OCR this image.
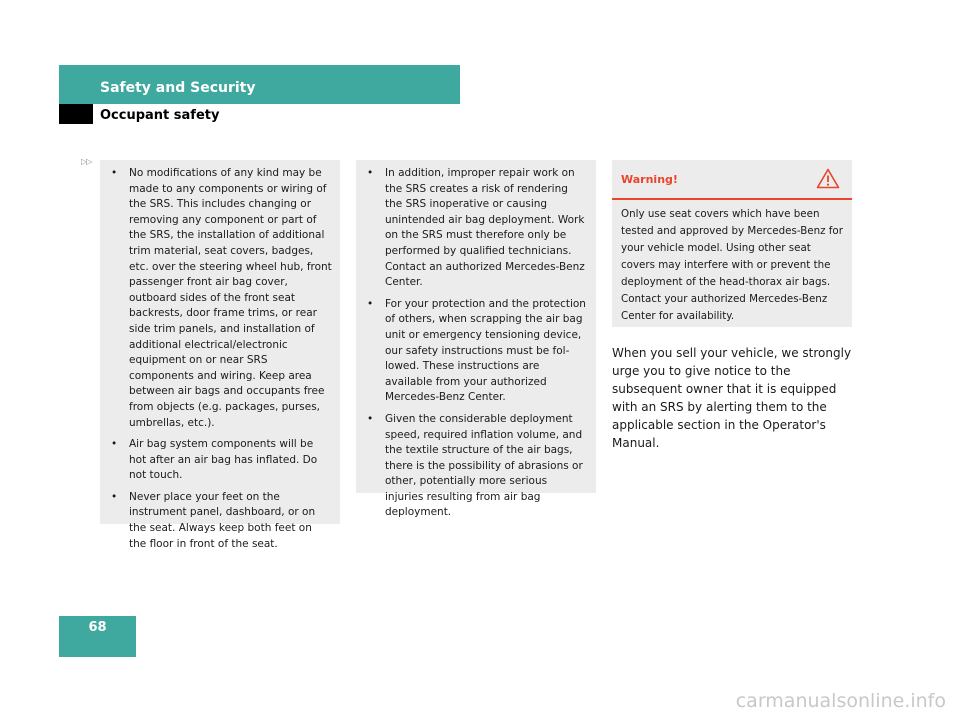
Safety and Security
Occupant safety
▷▷
• No modifications of any kind may be made to any components or wiring of the SRS. This includes changing or removing any component or part of the SRS, the installation of additional trim material, seat covers, badges, etc. over the steering wheel hub, front passenger front air bag cover, outboard sides of the front seat backrests, door frame trims, or rear side trim panels, and installation of additional electrical/electronic equipment on or near SRS components and wiring. Keep area between air bags and occupants free from objects (e.g. packages, purses, umbrellas, etc.).
• Air bag system components will be hot after an air bag has inflated. Do not touch.
• Never place your feet on the instrument panel, dashboard, or on the seat. Always keep both feet on the floor in front of the seat.
• In addition, improper repair work on the SRS creates a risk of rendering the SRS inoperative or causing unintended air bag deployment. Work on the SRS must therefore only be performed by qualified technicians. Contact an authorized Mercedes-Benz Center.
• For your protection and the protection of others, when scrapping the air bag unit or emergency tensioning device, our safety instructions must be fol- lowed. These instructions are available from your authorized Mercedes-Benz Center.
• Given the considerable deployment speed, required inflation volume, and the textile structure of the air bags, there is the possibility of abrasions or other, potentially more serious injuries resulting from air bag deployment.
Warning!
Only use seat covers which have been tested and approved by Mercedes-Benz for your vehicle model. Using other seat covers may interfere with or prevent the deployment of the head-thorax air bags. Contact your authorized Mercedes-Benz Center for availability.
When you sell your vehicle, we strongly urge you to give notice to the subsequent owner that it is equipped with an SRS by alerting them to the applicable section in the Operator's Manual.
68
carmanualsonline.info
